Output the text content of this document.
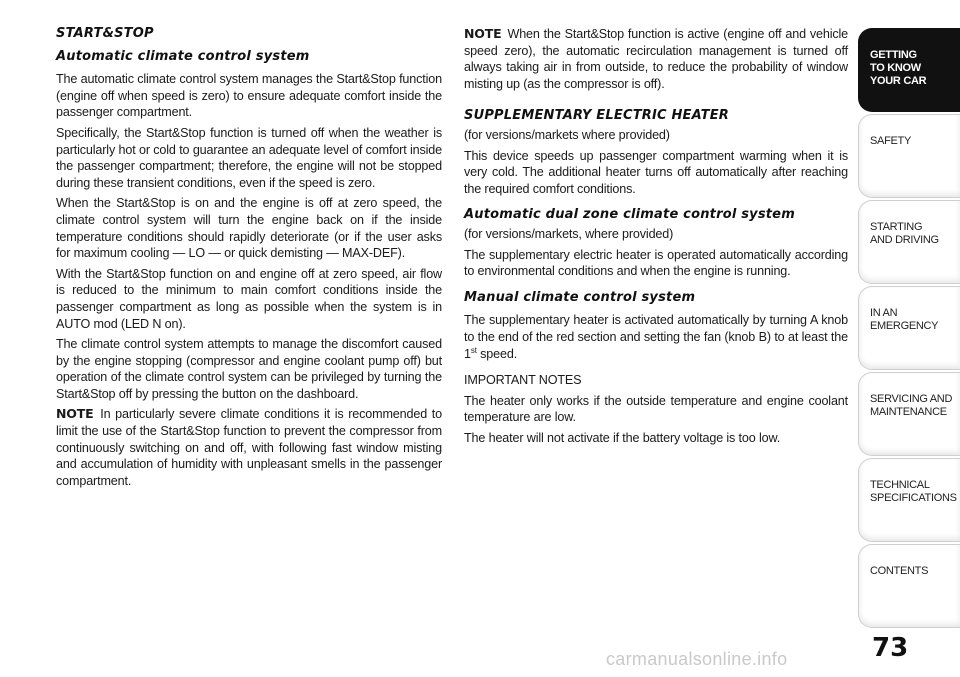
START&STOP
Automatic climate control system

The automatic climate control system manages the Start&Stop function (engine off when speed is zero) to ensure adequate comfort inside the passenger compartment.

Specifically, the Start&Stop function is turned off when the weather is particularly hot or cold to guarantee an adequate level of comfort inside the passenger compartment; therefore, the engine will not be stopped during these transient conditions, even if the speed is zero.

When the Start&Stop is on and the engine is off at zero speed, the climate control system will turn the engine back on if the inside temperature conditions should rapidly deteriorate (or if the user asks for maximum cooling — LO — or quick demisting — MAX-DEF).

With the Start&Stop function on and engine off at zero speed, air flow is reduced to the minimum to main comfort conditions inside the passenger compartment as long as possible when the system is in AUTO mod (LED N on).

The climate control system attempts to manage the discomfort caused by the engine stopping (compressor and engine coolant pump off) but operation of the climate control system can be privileged by turning the Start&Stop off by pressing the button on the dashboard.

NOTE In particularly severe climate conditions it is recommended to limit the use of the Start&Stop function to prevent the compressor from continuously switching on and off, with following fast window misting and accumulation of humidity with unpleasant smells in the passenger compartment.

NOTE When the Start&Stop function is active (engine off and vehicle speed zero), the automatic recirculation management is turned off always taking air in from outside, to reduce the probability of window misting up (as the compressor is off).

SUPPLEMENTARY ELECTRIC HEATER

(for versions/markets where provided)

This device speeds up passenger compartment warming when it is very cold. The additional heater turns off automatically after reaching the required comfort conditions.

Automatic dual zone climate control system

(for versions/markets, where provided)

The supplementary electric heater is operated automatically according to environmental conditions and when the engine is running.

Manual climate control system

The supplementary heater is activated automatically by turning A knob to the end of the red section and setting the fan (knob B) to at least the 1st speed.

IMPORTANT NOTES

The heater only works if the outside temperature and engine coolant temperature are low.

The heater will not activate if the battery voltage is too low.

GETTING
TO KNOW
YOUR CAR
SAFETY
STARTING
AND DRIVING
IN AN
EMERGENCY
SERVICING AND
MAINTENANCE
TECHNICAL
SPECIFICATIONS
CONTENTS
73
carmanualsonline.info
